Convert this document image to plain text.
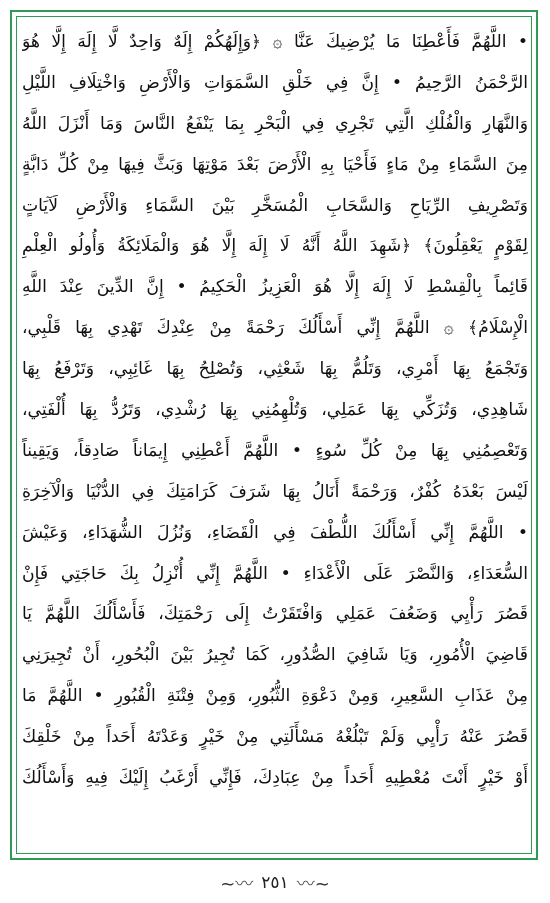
• اللَّهُمَّ فَأَعْطِنَا مَا يُرْضِيكَ عَنَّا ۞ ﴿وَإِلَهُكُمْ إِلَهٌ وَاحِدٌ لَّا إِلَهَ إِلَّا هُوَ
الرَّحْمَنُ الرَّحِيمُ • إِنَّ فِي خَلْقِ السَّمَوَاتِ وَالْأَرْضِ وَاخْتِلَافِ اللَّيْلِ
وَالنَّهَارِ وَالْفُلْكِ الَّتِي تَجْرِي فِي الْبَحْرِ بِمَا يَنْفَعُ النَّاسَ وَمَا أَنْزَلَ اللَّهُ
مِنَ السَّمَاءِ مِنْ مَاءٍ فَأَحْيَا بِهِ الْأَرْضَ بَعْدَ مَوْتِهَا وَبَثَّ فِيهَا مِنْ كُلِّ دَابَّةٍ
وَتَصْرِيفِ الرِّيَاحِ وَالسَّحَابِ الْمُسَخَّرِ بَيْنَ السَّمَاءِ وَالْأَرْضِ لَآيَاتٍ
لِقَوْمٍ يَعْقِلُونَ﴾ ﴿شَهِدَ اللَّهُ أَنَّهُ لَا إِلَهَ إِلَّا هُوَ وَالْمَلَائِكَةُ وَأُولُو الْعِلْمِ
قَائِماً بِالْقِسْطِ لَا إِلَهَ إِلَّا هُوَ الْعَزِيزُ الْحَكِيمُ • إِنَّ الدِّينَ عِنْدَ اللَّهِ
الْإِسْلَامُ﴾ ۞ اللَّهُمَّ إِنِّي أَسْأَلُكَ رَحْمَةً مِنْ عِنْدِكَ تَهْدِي بِهَا قَلْبِي،
وَتَجْمَعُ بِهَا أَمْرِي، وَتَلُمُّ بِهَا شَعْثِي، وَتُصْلِحُ بِهَا غَائِبِي، وَتَرْفَعُ بِهَا
شَاهِدِي، وَتُزَكِّي بِهَا عَمَلِي، وَتُلْهِمُنِي بِهَا رُشْدِي، وَتَرُدُّ بِهَا أُلْفَتِي،
وَتَعْصِمُنِي بِهَا مِنْ كُلِّ سُوءٍ • اللَّهُمَّ أَعْطِنِي إِيمَاناً صَادِقاً، وَيَقِيناً
لَيْسَ بَعْدَهُ كُفْرٌ، وَرَحْمَةً أَنَالُ بِهَا شَرَفَ كَرَامَتِكَ فِي الدُّنْيَا وَالْآخِرَةِ
• اللَّهُمَّ إِنِّي أَسْأَلُكَ اللُّطْفَ فِي الْقَضَاءِ، وَنُزُلَ الشُّهَدَاءِ، وَعَيْشَ
السُّعَدَاءِ، وَالنَّصْرَ عَلَى الْأَعْدَاءِ • اللَّهُمَّ إِنِّي أُنْزِلُ بِكَ حَاجَتِي فَإِنْ
قَصُرَ رَأْيِي وَضَعُفَ عَمَلِي وَافْتَقَرْتُ إِلَى رَحْمَتِكَ، فَأَسْأَلُكَ اللَّهُمَّ يَا
قَاضِيَ الْأُمُورِ، وَيَا شَافِيَ الصُّدُورِ، كَمَا تُجِيرُ بَيْنَ الْبُحُورِ، أَنْ تُجِيرَنِي
مِنْ عَذَابِ السَّعِيرِ، وَمِنْ دَعْوَةِ الثُّبُورِ، وَمِنْ فِتْنَةِ الْقُبُورِ • اللَّهُمَّ مَا
قَصُرَ عَنْهُ رَأْيِي وَلَمْ تَبْلُغْهُ مَسْأَلَتِي مِنْ خَيْرٍ وَعَدْتَهُ أَحَداً مِنْ خَلْقِكَ
أَوْ خَيْرٍ أَنْتَ مُعْطِيهِ أَحَداً مِنْ عِبَادِكَ، فَإِنِّي أَرْغَبُ إِلَيْكَ فِيهِ وَأَسْأَلُكَ
~〰︎ ٢٥١ 〰︎~
